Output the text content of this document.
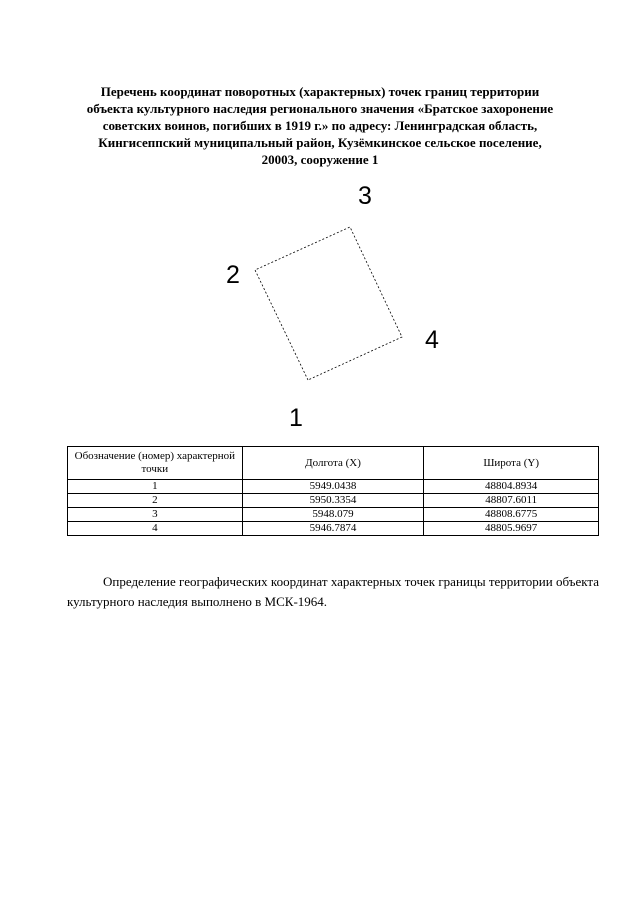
Перечень координат поворотных (характерных) точек границ территории
объекта культурного наследия регионального значения «Братское захоронение
советских воинов, погибших в 1919 г.» по адресу: Ленинградская область,
Кингисеппский муниципальный район, Кузёмкинское сельское поселение,
20003, сооружение 1
1
2
3
4
Обозначение (номер) характерной точки	Долгота (X)	Широта (Y)
1	5949.0438	48804.8934
2	5950.3354	48807.6011
3	5948.079	48808.6775
4	5946.7874	48805.9697

Определение географических координат характерных точек границы территории объекта культурного наследия выполнено в МСК-1964.
